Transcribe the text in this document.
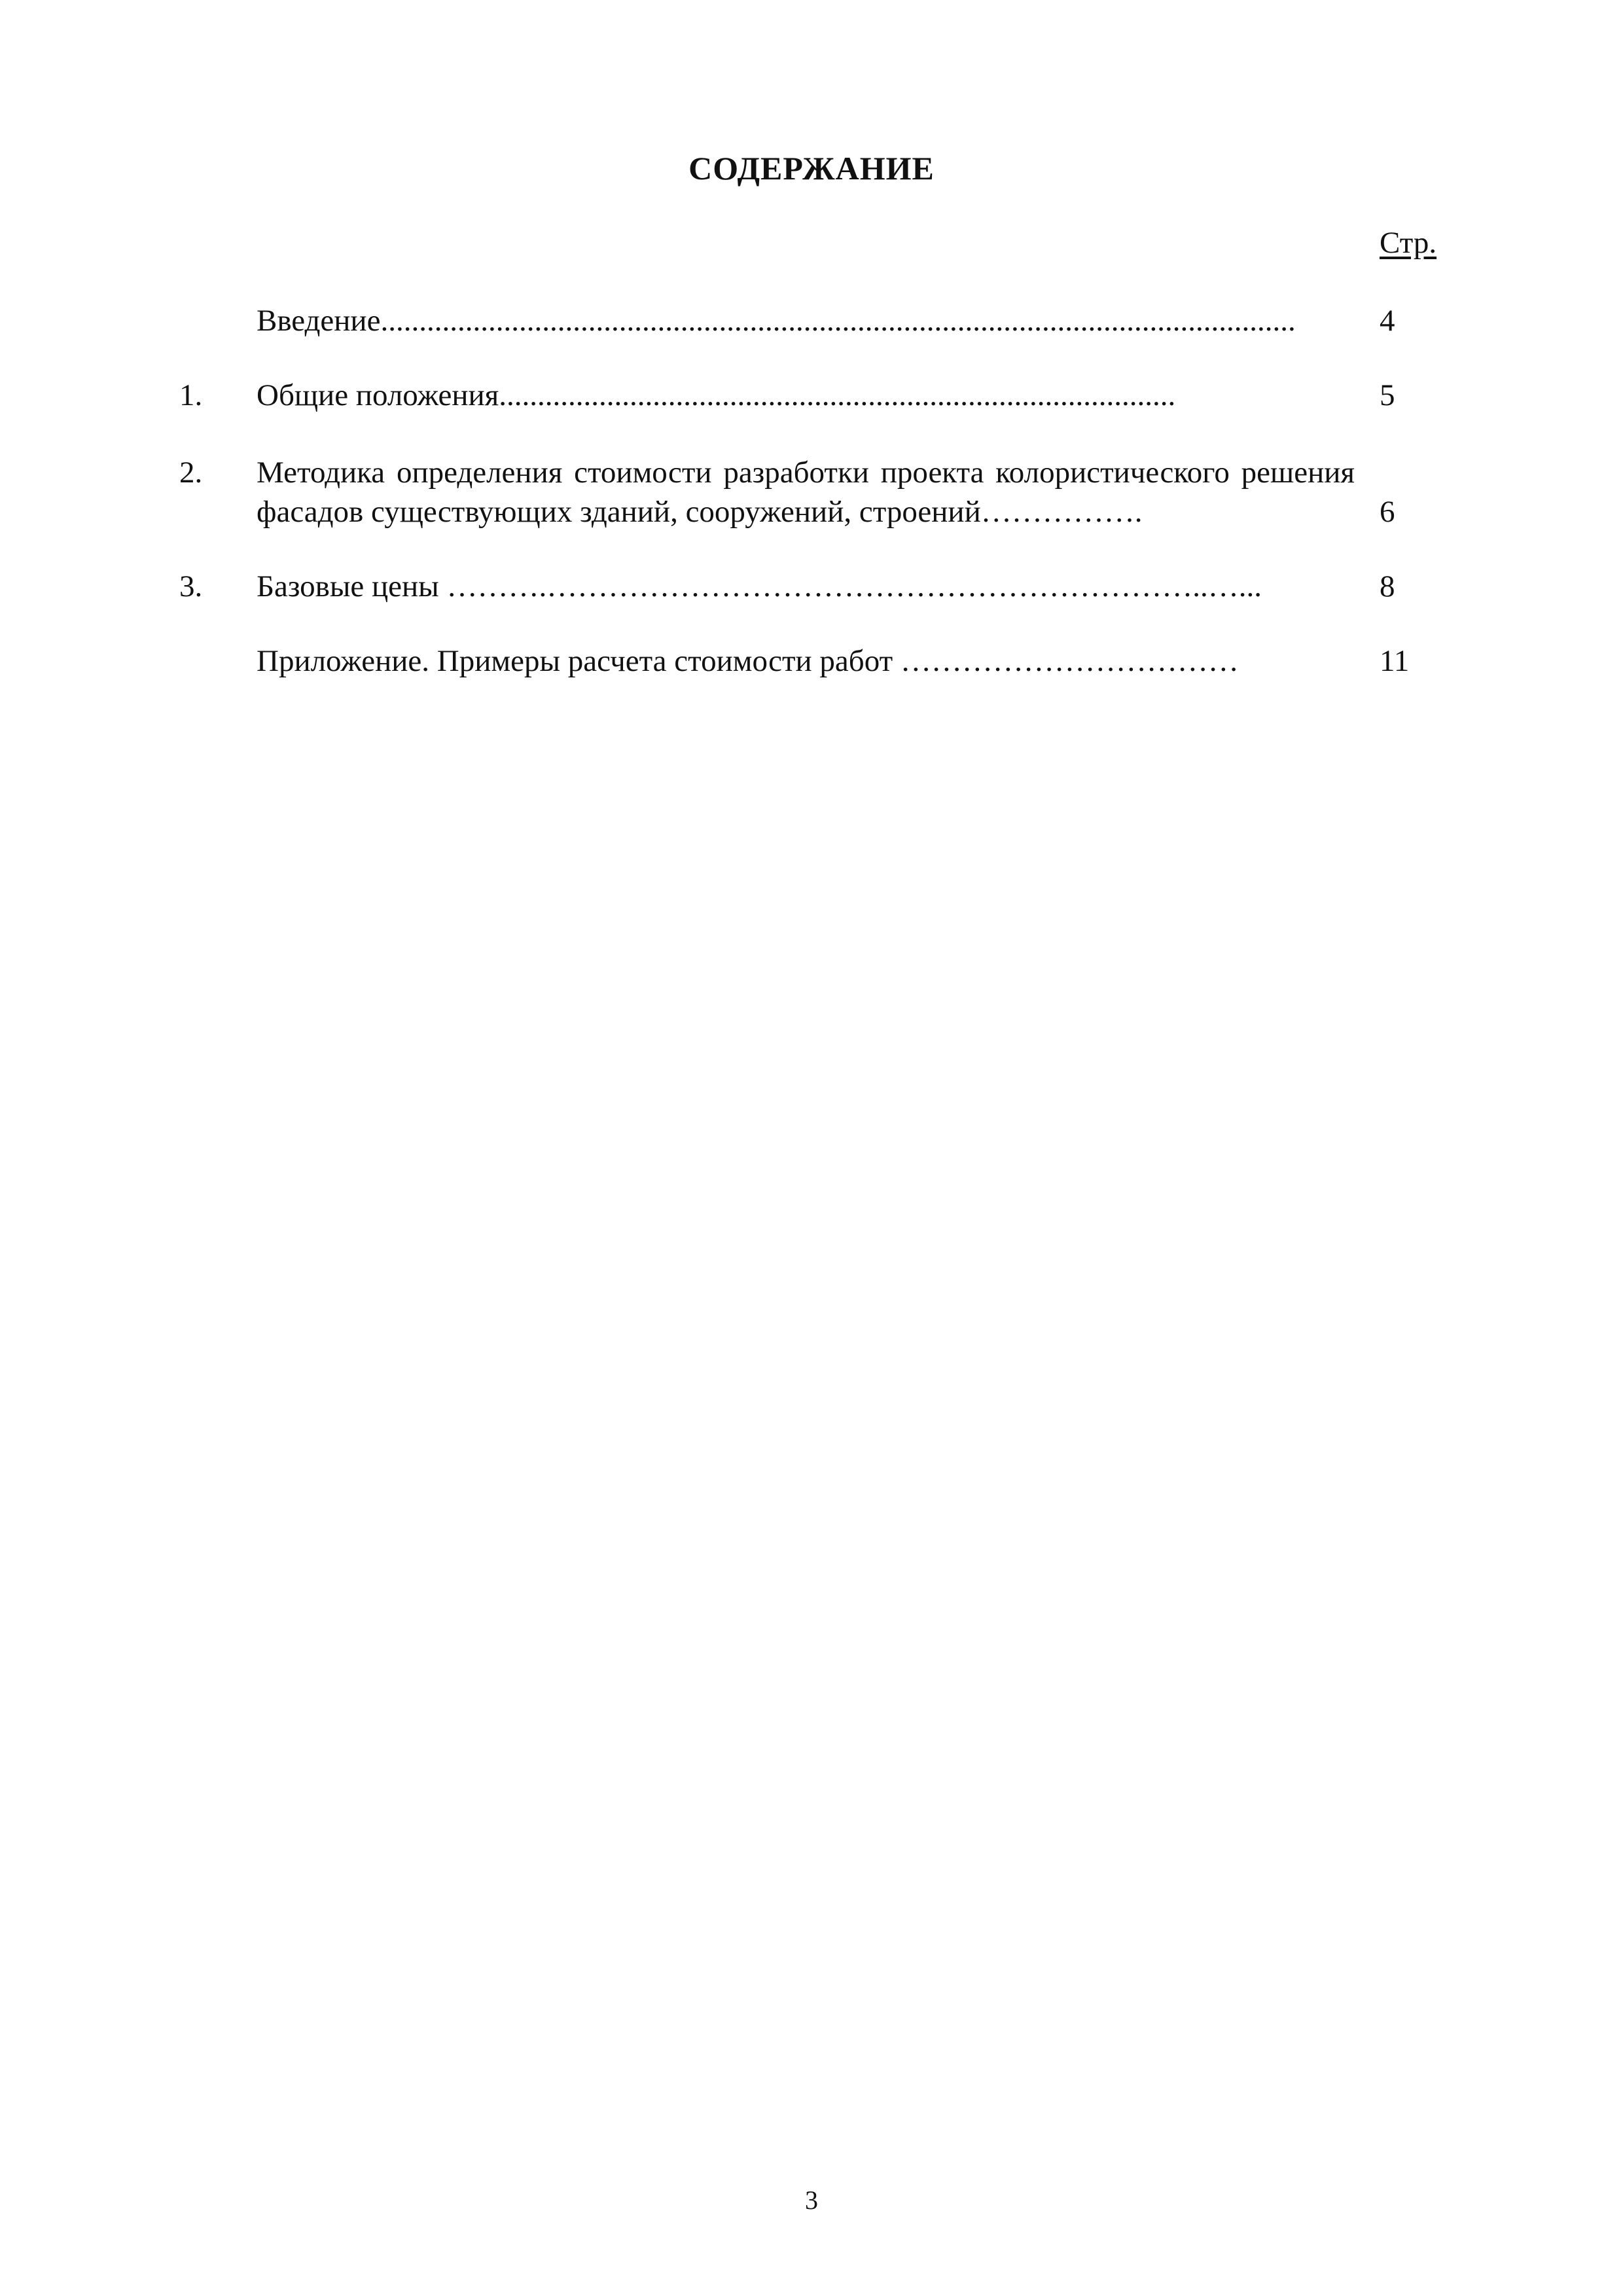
СОДЕРЖАНИЕ
Стр.
Введение.......................................................................................................................	4
1. Общие положения........................................................................................	5
2. Методика определения стоимости разработки проекта колористического решения фасадов существующих зданий, сооружений, строений…………….	6
3. Базовые цены ……….………………………………………………………..…...	8
Приложение. Примеры расчета стоимости работ ……………………………	11
3
